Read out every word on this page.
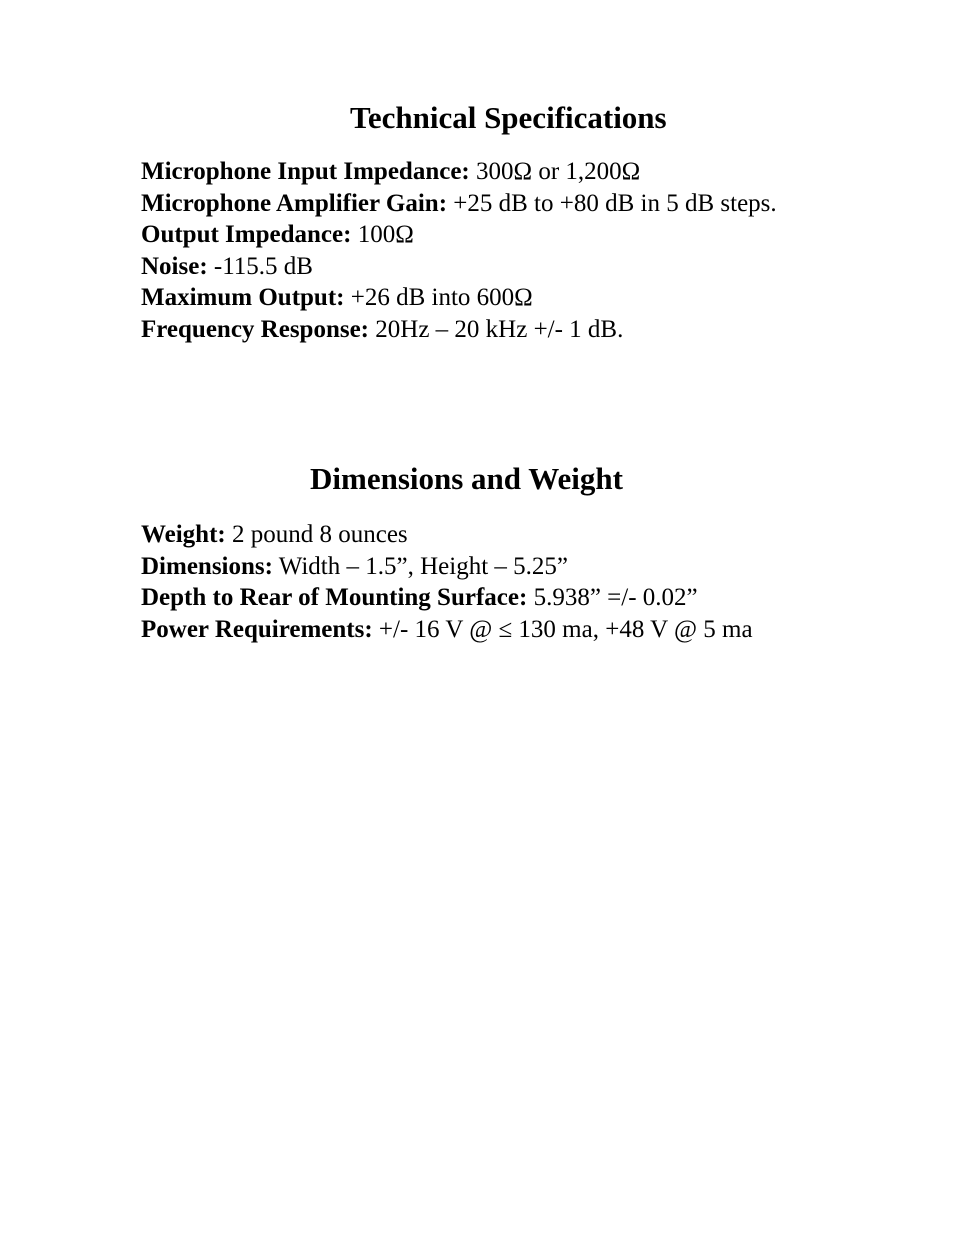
Technical Specifications

Microphone Input Impedance: 300Ω or 1,200Ω

Microphone Amplifier Gain: +25 dB to +80 dB in 5 dB steps.

Output Impedance: 100Ω

Noise: -115.5 dB

Maximum Output: +26 dB into 600Ω

Frequency Response: 20Hz – 20 kHz +/- 1 dB.

Dimensions and Weight

Weight: 2 pound 8 ounces

Dimensions: Width – 1.5”, Height – 5.25”

Depth to Rear of Mounting Surface: 5.938” =/- 0.02”

Power Requirements: +/- 16 V @ ≤ 130 ma, +48 V @ 5 ma
